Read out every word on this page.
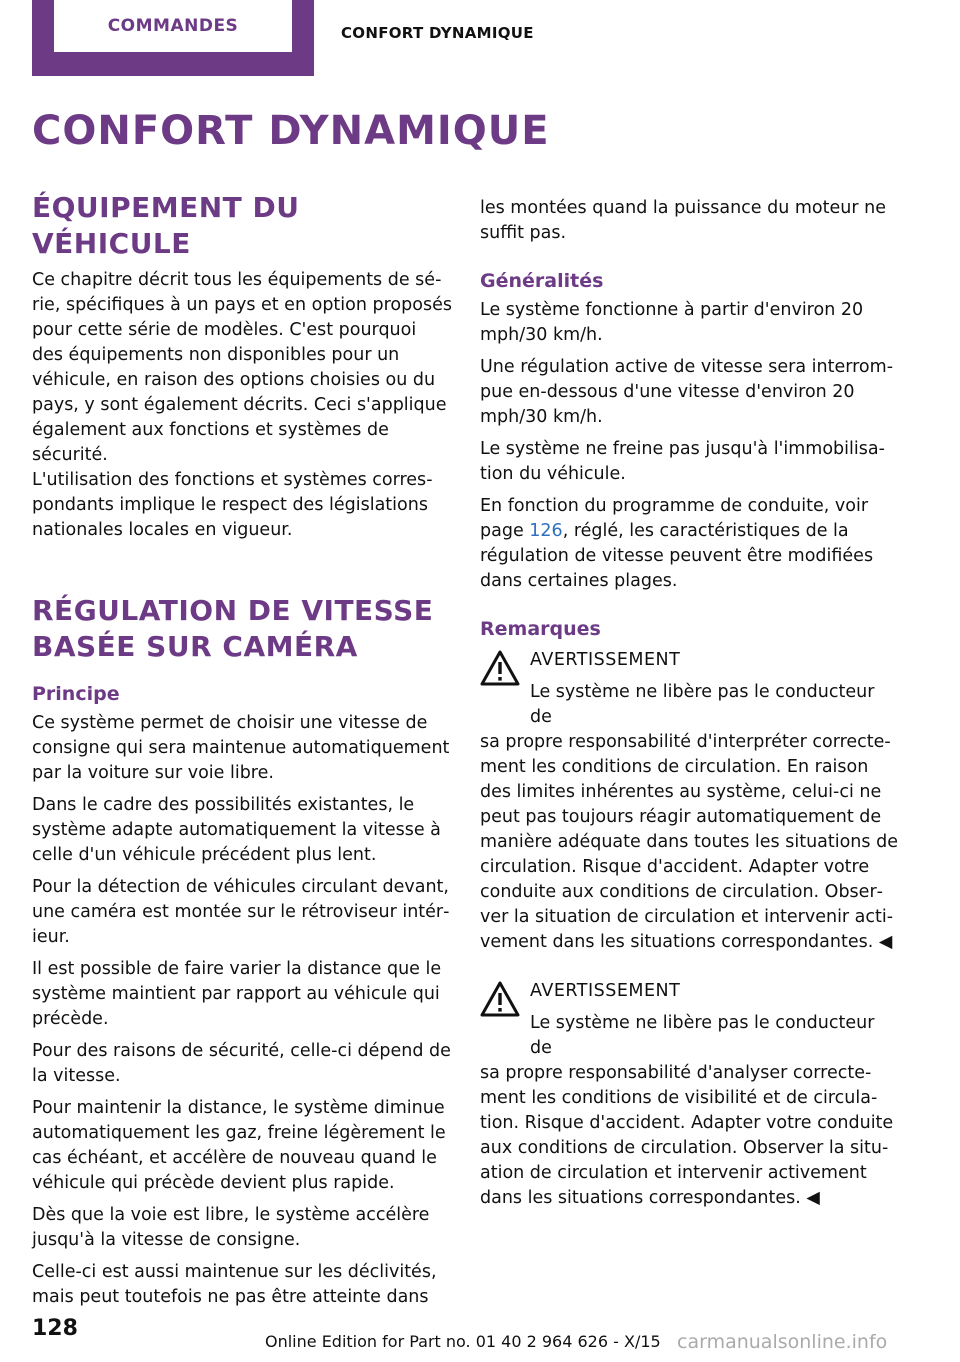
COMMANDES	CONFORT DYNAMIQUE
CONFORT DYNAMIQUE
ÉQUIPEMENT DU VÉHICULE

Ce chapitre décrit tous les équipements de série, spécifiques à un pays et en option proposés pour cette série de modèles. C'est pourquoi des équipements non disponibles pour un véhicule, en raison des options choisies ou du pays, y sont également décrits. Ceci s'applique également aux fonctions et systèmes de sécurité.

L'utilisation des fonctions et systèmes correspondants implique le respect des législations nationales locales en vigueur.

RÉGULATION DE VITESSE BASÉE SUR CAMÉRA
Principe

Ce système permet de choisir une vitesse de consigne qui sera maintenue automatiquement par la voiture sur voie libre.

Dans le cadre des possibilités existantes, le système adapte automatiquement la vitesse à celle d'un véhicule précédent plus lent.

Pour la détection de véhicules circulant devant, une caméra est montée sur le rétroviseur intérieur.

Il est possible de faire varier la distance que le système maintient par rapport au véhicule qui précède.

Pour des raisons de sécurité, celle-ci dépend de la vitesse.

Pour maintenir la distance, le système diminue automatiquement les gaz, freine légèrement le cas échéant, et accélère de nouveau quand le véhicule qui précède devient plus rapide.

Dès que la voie est libre, le système accélère jusqu'à la vitesse de consigne.

Celle-ci est aussi maintenue sur les déclivités, mais peut toutefois ne pas être atteinte dans

les montées quand la puissance du moteur ne suffit pas.

Généralités

Le système fonctionne à partir d'environ 20 mph/30 km/h.

Une régulation active de vitesse sera interrompue en-dessous d'une vitesse d'environ 20 mph/30 km/h.

Le système ne freine pas jusqu'à l'immobilisation du véhicule.

En fonction du programme de conduite, voir page 126, réglé, les caractéristiques de la régulation de vitesse peuvent être modifiées dans certaines plages.

Remarques

AVERTISSEMENT

Le système ne libère pas le conducteur de

sa propre responsabilité d'interpréter correctement les conditions de circulation. En raison des limites inhérentes au système, celui-ci ne peut pas toujours réagir automatiquement de manière adéquate dans toutes les situations de circulation. Risque d'accident. Adapter votre conduite aux conditions de circulation. Observer la situation de circulation et intervenir activement dans les situations correspondantes. ◀

AVERTISSEMENT

Le système ne libère pas le conducteur de

sa propre responsabilité d'analyser correctement les conditions de visibilité et de circulation. Risque d'accident. Adapter votre conduite aux conditions de circulation. Observer la situation de circulation et intervenir activement dans les situations correspondantes. ◀

128
Online Edition for Part no. 01 40 2 964 626 - X/15 carmanualsonline.info
